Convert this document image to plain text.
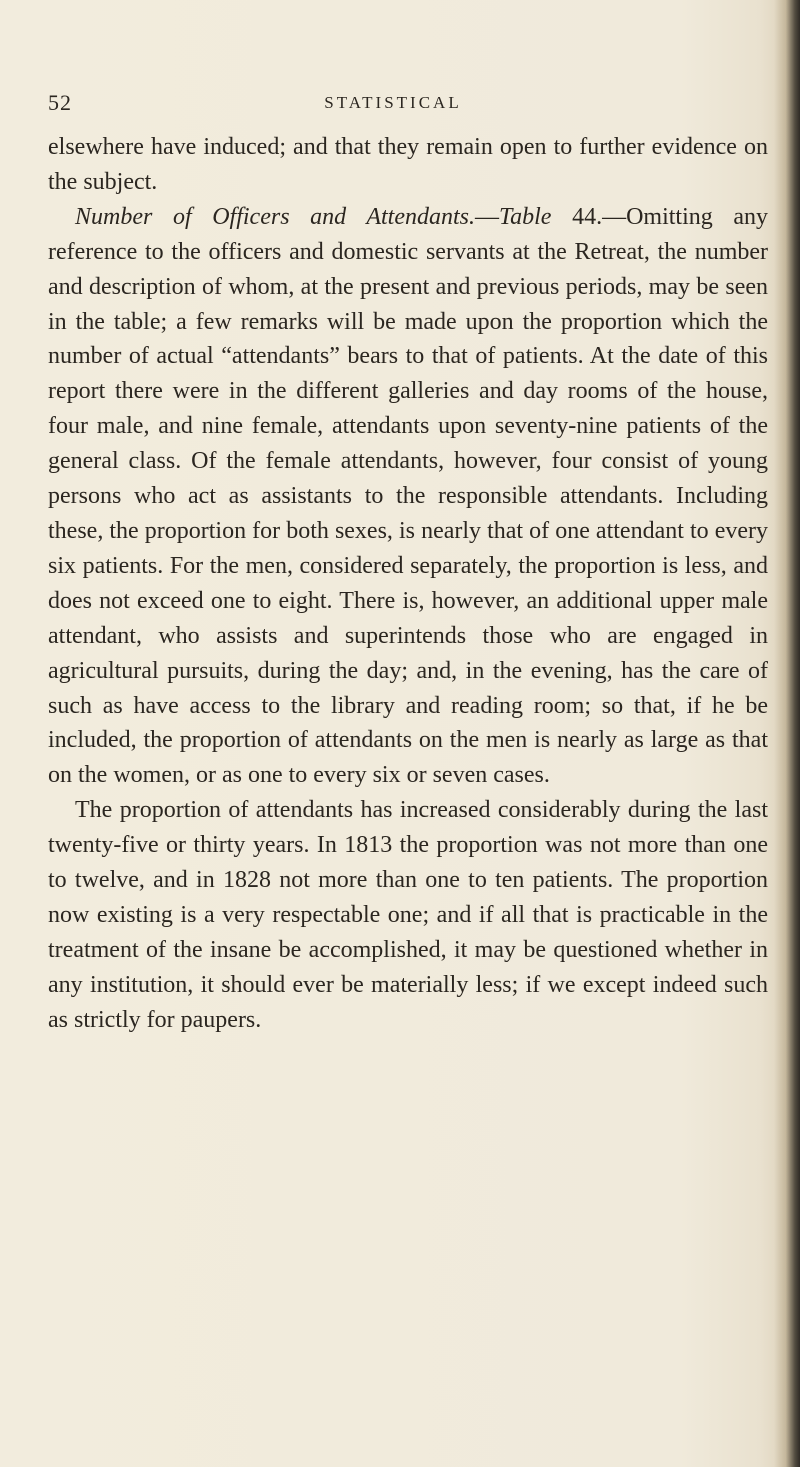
52	STATISTICAL

elsewhere have induced; and that they remain open to further evidence on the subject.

Number of Officers and Attendants.—Table 44.—Omitting any reference to the officers and domestic servants at the Retreat, the number and description of whom, at the present and previous periods, may be seen in the table; a few remarks will be made upon the proportion which the number of actual “attendants” bears to that of patients. At the date of this report there were in the different galleries and day rooms of the house, four male, and nine female, attendants upon seventy-nine patients of the general class. Of the female attendants, however, four consist of young persons who act as assistants to the responsible attendants. Including these, the proportion for both sexes, is nearly that of one attendant to every six patients. For the men, considered separately, the proportion is less, and does not exceed one to eight. There is, however, an additional upper male attendant, who assists and superintends those who are engaged in agricultural pursuits, during the day; and, in the evening, has the care of such as have access to the library and reading room; so that, if he be included, the proportion of attendants on the men is nearly as large as that on the women, or as one to every six or seven cases.

The proportion of attendants has increased considerably during the last twenty-five or thirty years. In 1813 the proportion was not more than one to twelve, and in 1828 not more than one to ten patients. The proportion now existing is a very respectable one; and if all that is practicable in the treatment of the insane be accomplished, it may be questioned whether in any institution, it should ever be materially less; if we except indeed such as strictly for paupers.
